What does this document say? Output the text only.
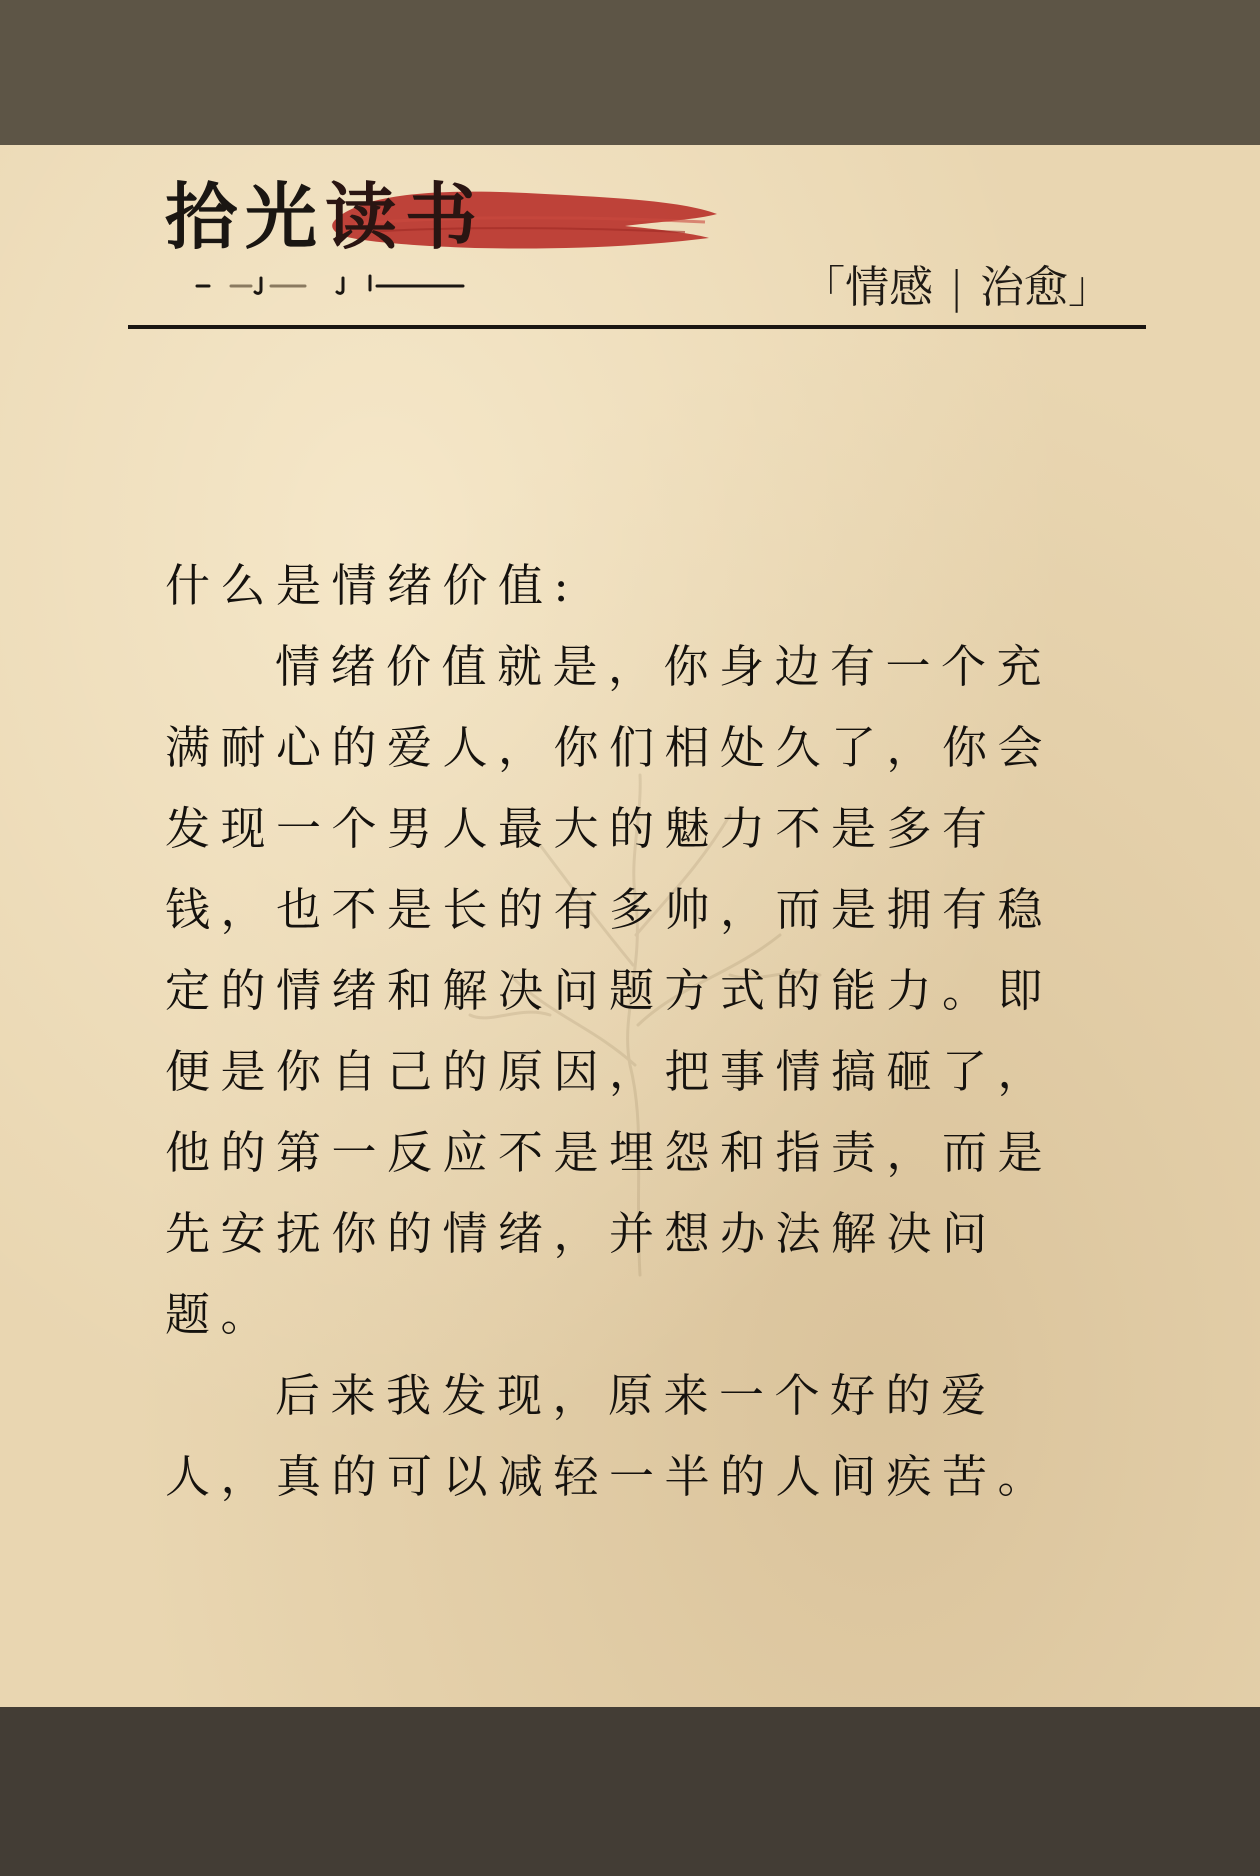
拾光读书
「情感 | 治愈」

什么是情绪价值:

情绪价值就是，你身边有一个充满耐心的爱人，你们相处久了，你会发现一个男人最大的魅力不是多有钱，也不是长的有多帅，而是拥有稳定的情绪和解决问题方式的能力。即便是你自己的原因，把事情搞砸了，他的第一反应不是埋怨和指责，而是先安抚你的情绪，并想办法解决问题。

后来我发现，原来一个好的爱人，真的可以减轻一半的人间疾苦。
